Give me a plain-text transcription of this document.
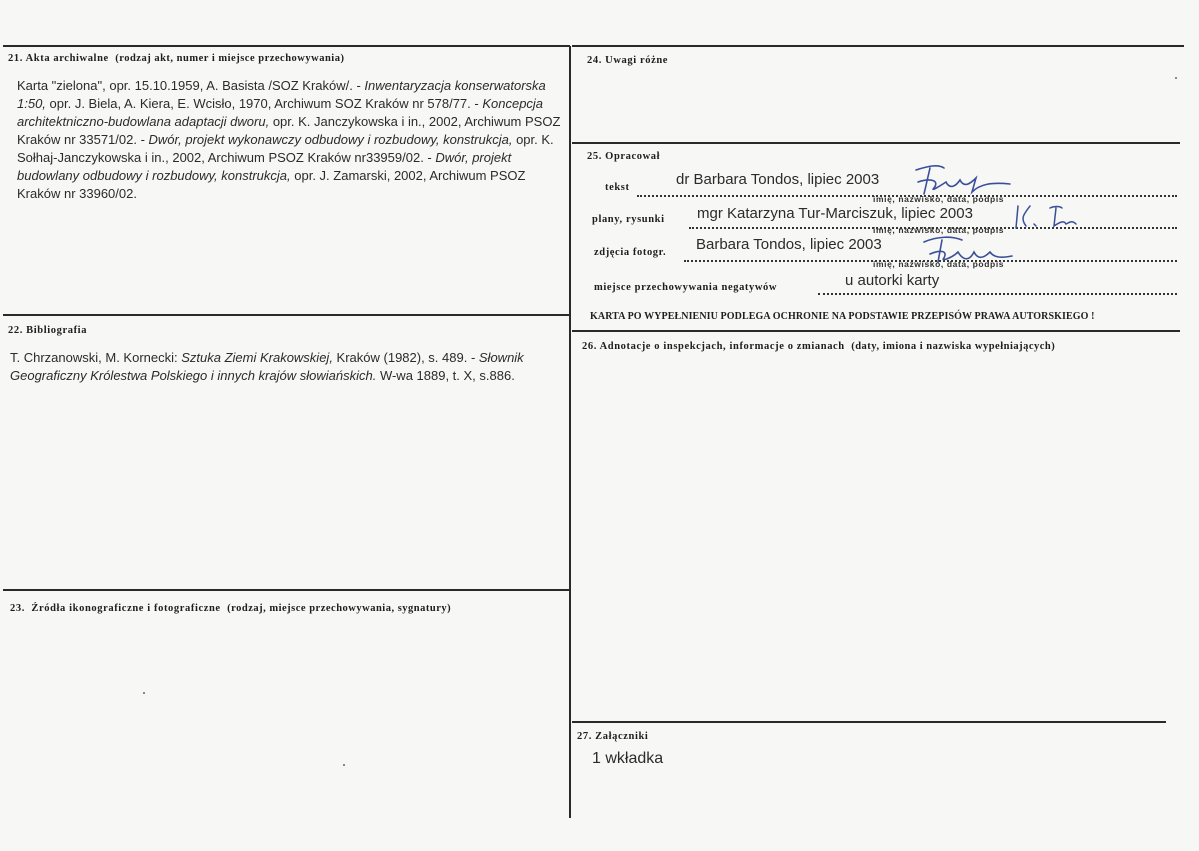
21. Akta archiwalne (rodzaj akt, numer i miejsce przechowywania)
Karta "zielona", opr. 15.10.1959, A. Basista /SOZ Kraków/. - Inwentaryzacja konserwatorska 1:50, opr. J. Biela, A. Kiera, E. Wcisło, 1970, Archiwum SOZ Kraków nr 578/77. - Koncepcja architektniczno-budowlana adaptacji dworu, opr. K. Janczykowska i in., 2002, Archiwum PSOZ Kraków nr 33571/02. - Dwór, projekt wykonawczy odbudowy i rozbudowy, konstrukcja, opr. K. Sołhaj-Janczykowska i in., 2002, Archiwum PSOZ Kraków nr33959/02. - Dwór, projekt budowlany odbudowy i rozbudowy, konstrukcja, opr. J. Zamarski, 2002, Archiwum PSOZ Kraków nr 33960/02.
22. Bibliografia
T. Chrzanowski, M. Kornecki: Sztuka Ziemi Krakowskiej, Kraków (1982), s. 489. - Słownik Geograficzny Królestwa Polskiego i innych krajów słowiańskich. W-wa 1889, t. X, s.886.
23. Źródła ikonograficzne i fotograficzne (rodzaj, miejsce przechowywania, sygnatury)
24. Uwagi różne
25. Opracował
tekst	dr Barbara Tondos, lipiec 2003
imię, nazwisko, data, podpis
plany, rysunki mgr Katarzyna Tur-Marciszuk, lipiec 2003
imię, nazwisko, data, podpis
zdjęcia fotogr. Barbara Tondos, lipiec 2003
imię, nazwisko, data, podpis
miejsce przechowywania negatywów	u autorki karty
KARTA PO WYPEŁNIENIU PODLEGA OCHRONIE NA PODSTAWIE PRZEPISÓW PRAWA AUTORSKIEGO !
26. Adnotacje o inspekcjach, informacje o zmianach (daty, imiona i nazwiska wypełniających)
27. Załączniki
1 wkładka
